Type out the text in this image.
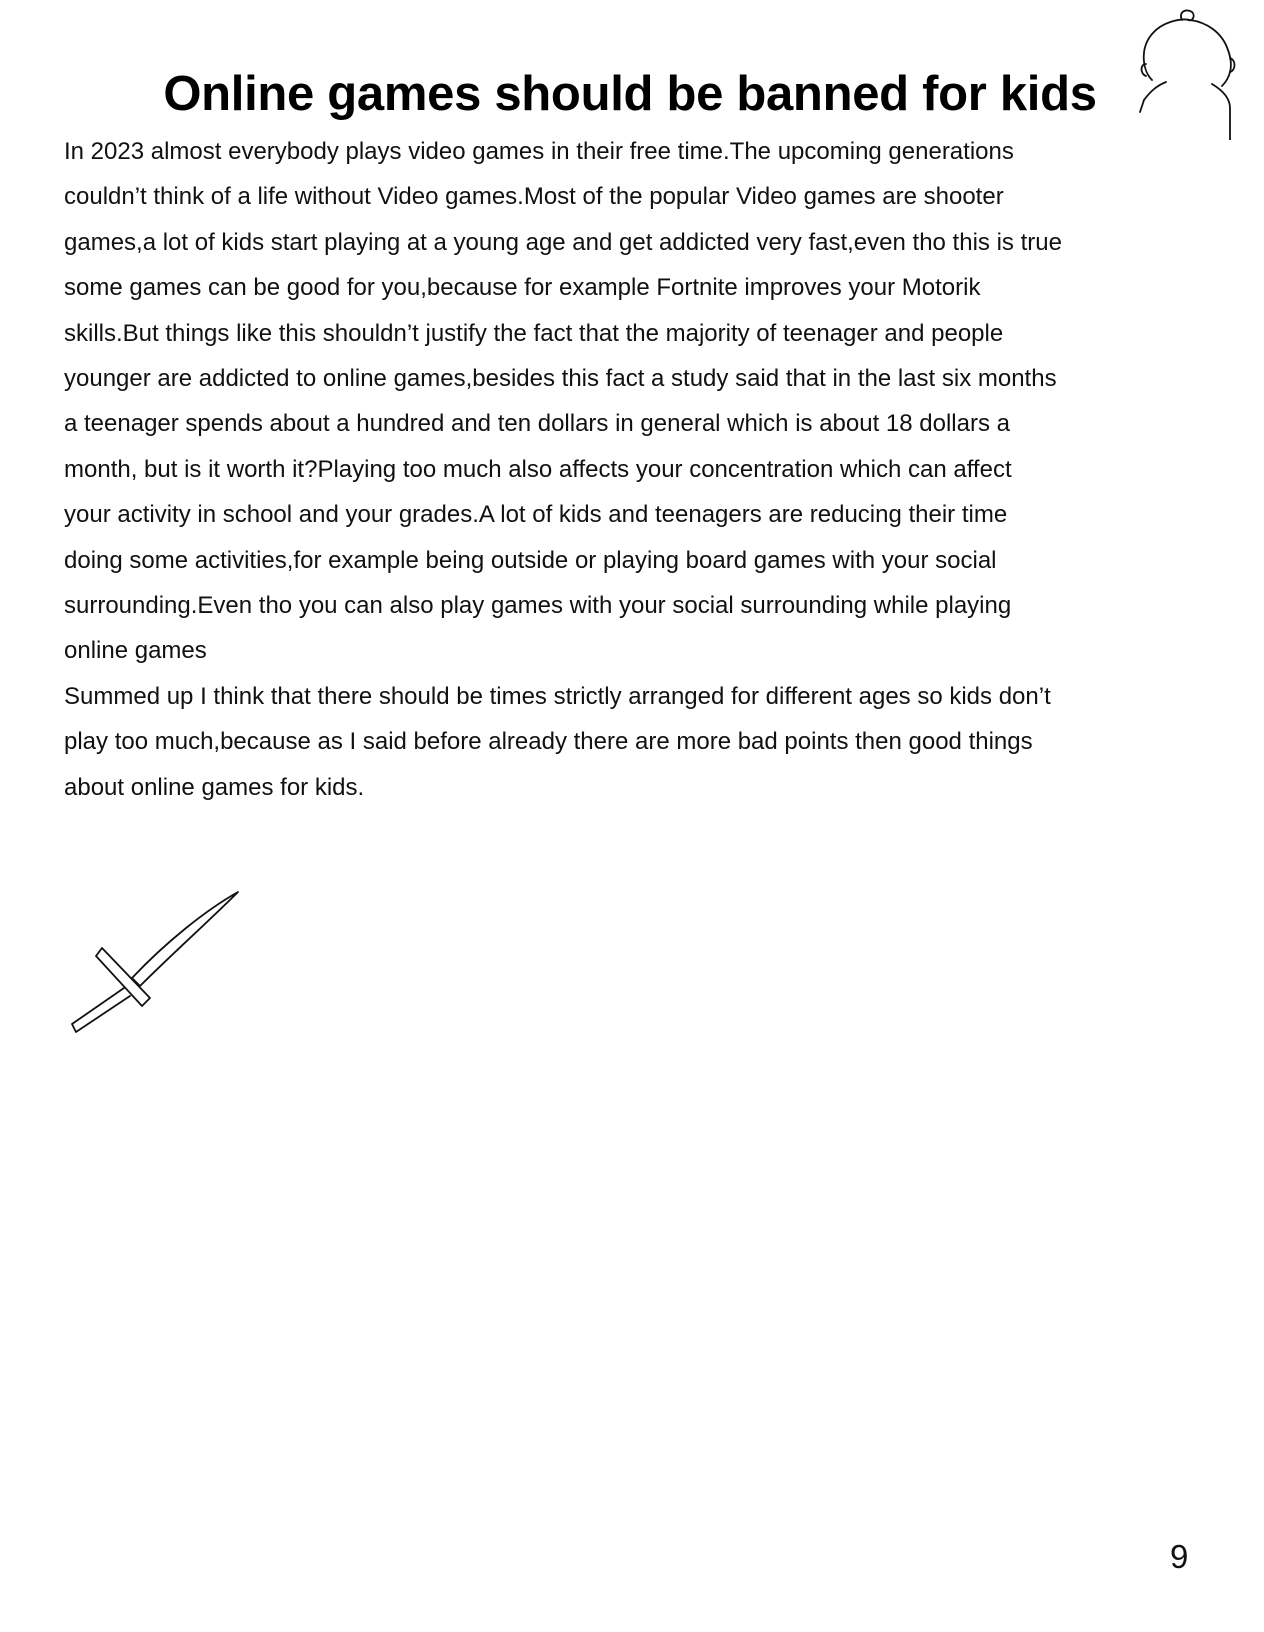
Online games should be banned for kids
In 2023 almost everybody plays video games in their free time.The upcoming generations
couldn’t think of a life without Video games.Most of the popular Video games are shooter
games,a lot of kids start playing at a young age and get addicted very fast,even tho this is true
some games can be good for you,because for example Fortnite improves your Motorik
skills.But things like this shouldn’t justify the fact that the majority of teenager and people
younger are addicted to online games,besides this fact a study said that in the last six months
a teenager spends about a hundred and ten dollars in general which is about 18 dollars a
month, but is it worth it?Playing too much also affects your concentration which can affect
your activity in school and your grades.A lot of kids and teenagers are reducing their time
doing some activities,for example being outside or playing board games with your social
surrounding.Even tho you can also play games with your social surrounding while playing
online games
Summed up I think that there should be times strictly arranged for different ages so kids don’t
play too much,because as I said before already there are more bad points then good things
about online games for kids.
9
